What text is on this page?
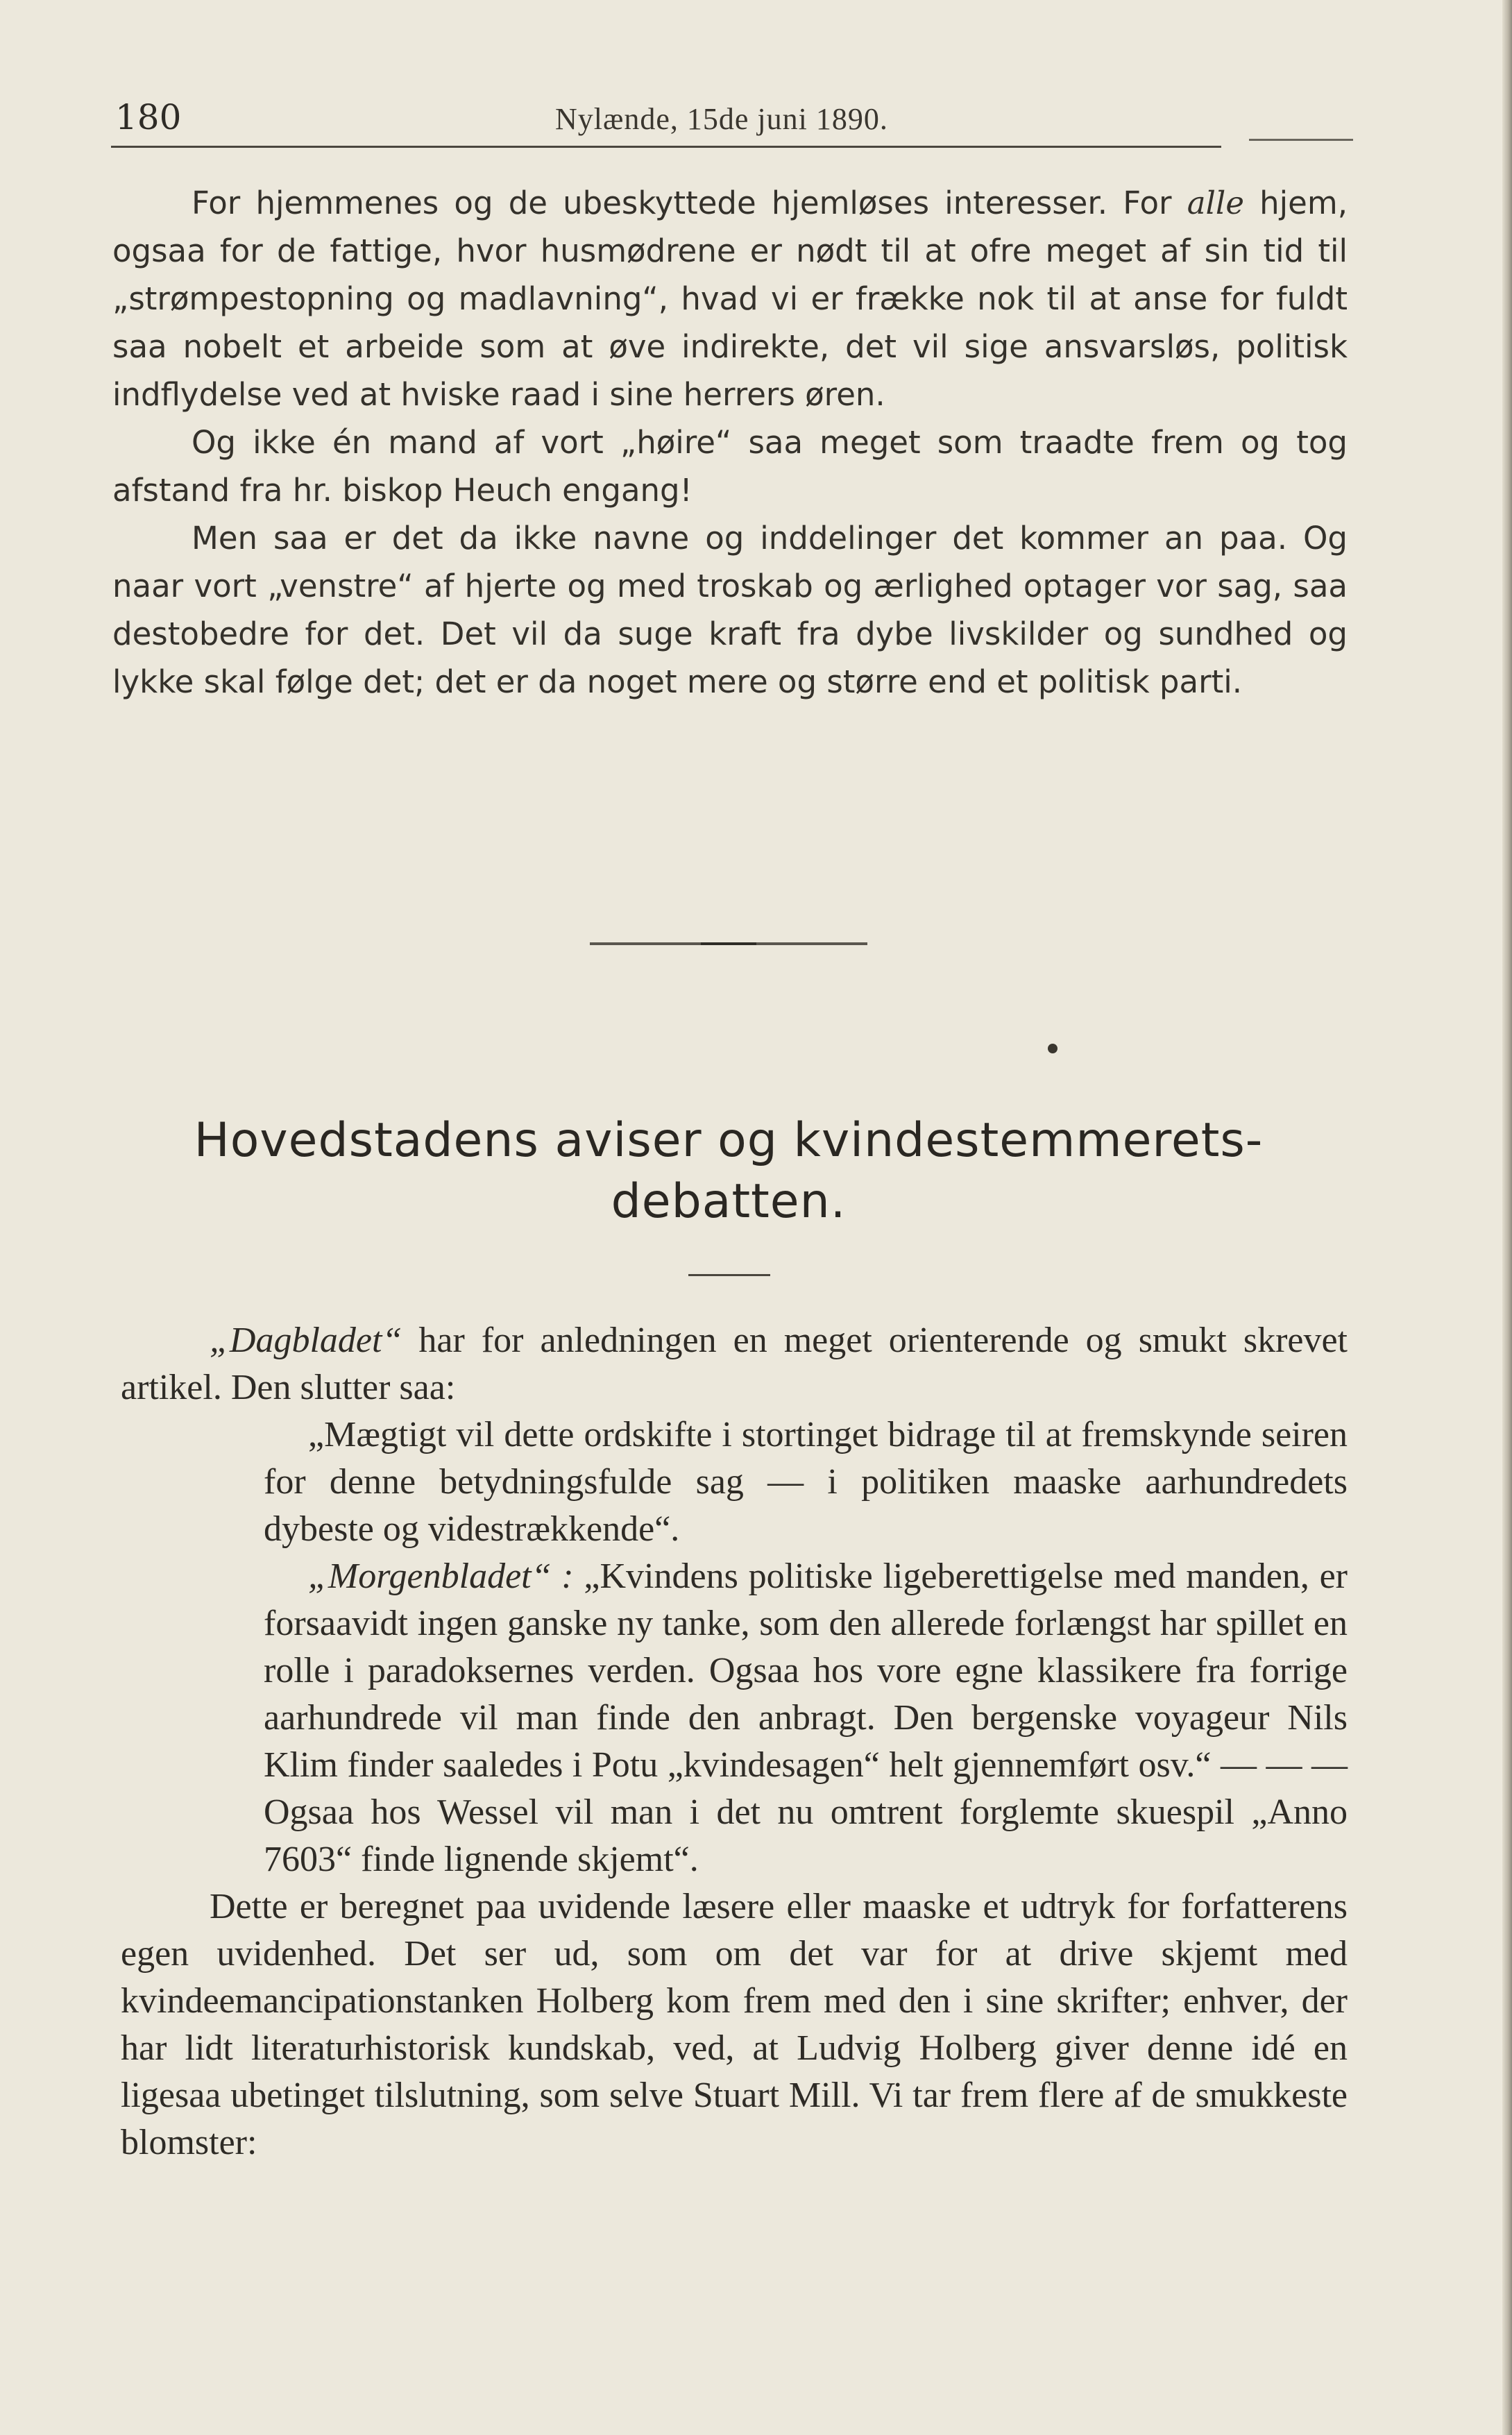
180	Nylænde, 15de juni 1890.

For hjemmenes og de ubeskyttede hjemløses interesser. For alle hjem, ogsaa for de fattige, hvor husmødrene er nødt til at ofre meget af sin tid til „strømpestopning og madlavning“, hvad vi er frække nok til at anse for fuldt saa nobelt et arbeide som at øve indirekte, det vil sige ansvarsløs, politisk indflydelse ved at hviske raad i sine herrers øren.

Og ikke én mand af vort „høire“ saa meget som traadte frem og tog afstand fra hr. biskop Heuch engang!

Men saa er det da ikke navne og inddelinger det kommer an paa. Og naar vort „venstre“ af hjerte og med troskab og ærlighed optager vor sag, saa destobedre for det. Det vil da suge kraft fra dybe livskilder og sundhed og lykke skal følge det; det er da noget mere og større end et politisk parti.

Hovedstadens aviser og kvindestemmerets- debatten.

„Dagbladet“ har for anledningen en meget orienterende og smukt skrevet artikel. Den slutter saa:

„Mægtigt vil dette ordskifte i stortinget bidrage til at fremskynde seiren for denne betydningsfulde sag — i politiken maaske aarhundredets dybeste og videstrækkende“.

„Morgenbladet“ : „Kvindens politiske ligeberettigelse med manden, er forsaavidt ingen ganske ny tanke, som den allerede forlængst har spillet en rolle i paradoksernes verden. Ogsaa hos vore egne klassikere fra forrige aarhundrede vil man finde den anbragt. Den bergenske voyageur Nils Klim finder saaledes i Potu „kvindesagen“ helt gjennemført osv.“ — — — Ogsaa hos Wessel vil man i det nu omtrent forglemte skuespil „Anno 7603“ finde lignende skjemt“.

Dette er beregnet paa uvidende læsere eller maaske et udtryk for forfatterens egen uvidenhed. Det ser ud, som om det var for at drive skjemt med kvindeemancipationstanken Holberg kom frem med den i sine skrifter; enhver, der har lidt literaturhistorisk kundskab, ved, at Ludvig Holberg giver denne idé en ligesaa ubetinget tilslutning, som selve Stuart Mill. Vi tar frem flere af de smukkeste blomster:
